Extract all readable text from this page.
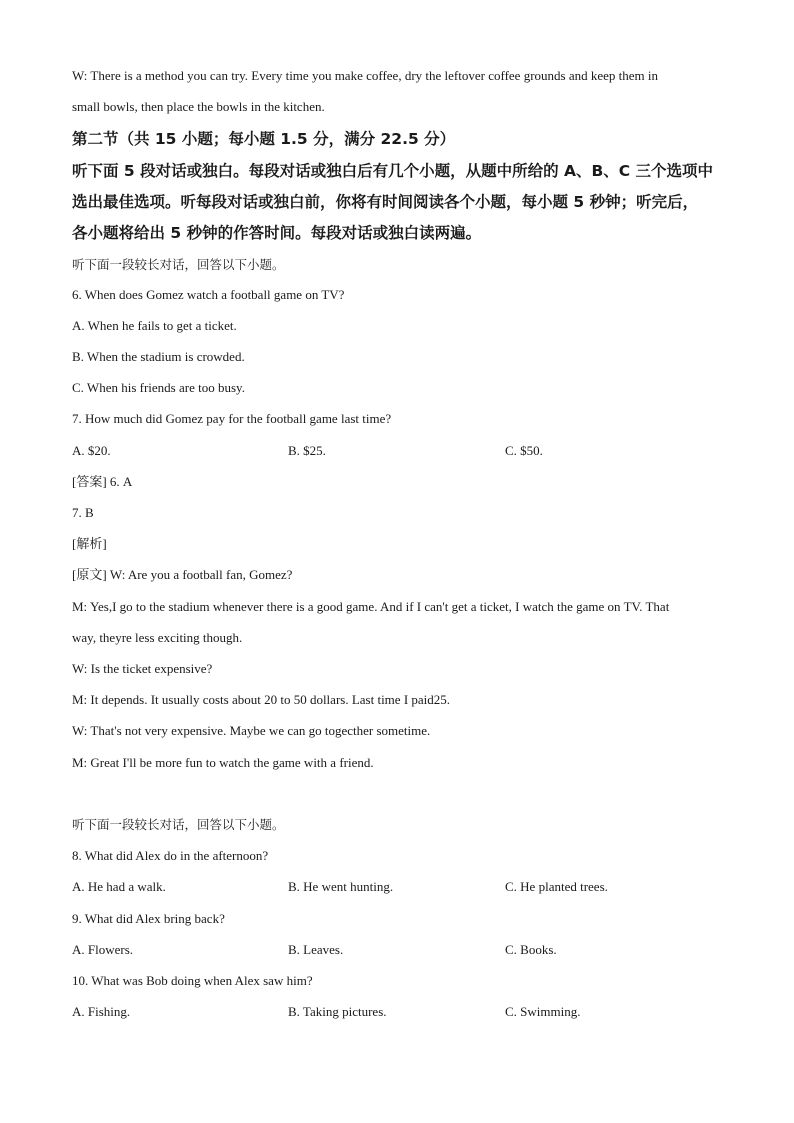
W: There is a method you can try. Every time you make coffee, dry the leftover coffee grounds and keep them in
small bowls, then place the bowls in the kitchen.
第二节（共 15 小题；每小题 1.5 分，满分 22.5 分）
听下面 5 段对话或独白。每段对话或独白后有几个小题，从题中所给的 A、B、C 三个选项中
选出最佳选项。听每段对话或独白前，你将有时间阅读各个小题，每小题 5 秒钟；听完后，
各小题将给出 5 秒钟的作答时间。每段对话或独白读两遍。
听下面一段较长对话，回答以下小题。
6. When does Gomez watch a football game on TV?
A. When he fails to get a ticket.
B. When the stadium is crowded.
C. When his friends are too busy.
7. How much did Gomez pay for the football game last time?
A. $20.	B. $25.	C. $50.
[答案] 6. A
7. B
[解析]
[原文] W: Are you a football fan, Gomez?
M: Yes,I go to the stadium whenever there is a good game. And if I can't get a ticket, I watch the game on TV. That
way, theyre less exciting though.
W: Is the ticket expensive?
M: It depends. It usually costs about 20 to 50 dollars. Last time I paid25.
W: That's not very expensive. Maybe we can go togecther sometime.
M: Great I'll be more fun to watch the game with a friend.
听下面一段较长对话，回答以下小题。
8. What did Alex do in the afternoon?
A. He had a walk.	B. He went hunting.	C. He planted trees.
9. What did Alex bring back?
A. Flowers.	B. Leaves.	C. Books.
10. What was Bob doing when Alex saw him?
A. Fishing.	B. Taking pictures.	C. Swimming.
